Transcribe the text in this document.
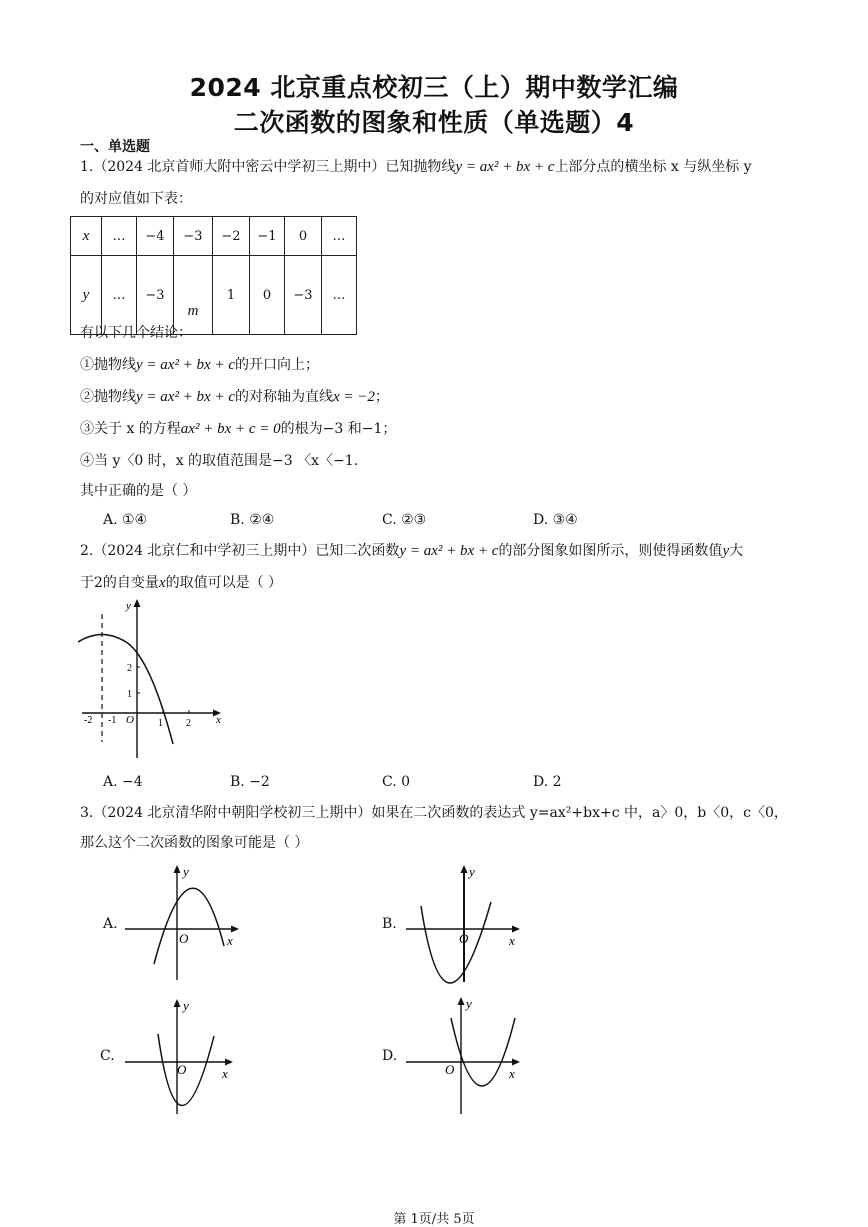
2024 北京重点校初三（上）期中数学汇编
二次函数的图象和性质（单选题）4
一、单选题
1.（2024 北京首师大附中密云中学初三上期中）已知抛物线y = ax² + bx + c上部分点的横坐标 x 与纵坐标 y
的对应值如下表：
x	…	−4	−3	−2	−1	0	…
y	…	−3	m	1	0	−3	…
有以下几个结论：
①抛物线y = ax² + bx + c的开口向上；
②抛物线y = ax² + bx + c的对称轴为直线x = −2；
③关于 x 的方程ax² + bx + c = 0的根为−3 和−1；
④当 y〈0 时，x 的取值范围是−3 〈x〈−1.
其中正确的是（ ）
A. ①④	B. ②④	C. ②③	D. ③④
2.（2024 北京仁和中学初三上期中）已知二次函数y = ax² + bx + c的部分图象如图所示，则使得函数值y大
于2的自变量x的取值可以是（ ）
y
x
O
-2 -1	1 2
1
2
A. −4	B. −2	C. 0	D. 2
3.（2024 北京清华附中朝阳学校初三上期中）如果在二次函数的表达式 y=ax²+bx+c 中，a〉0，b〈0，c〈0，
那么这个二次函数的图象可能是（ ）
A.
y
x
O
B.
y
x
O
C.
y
x
O
D.
y
x
O
第 1页/共 5页
